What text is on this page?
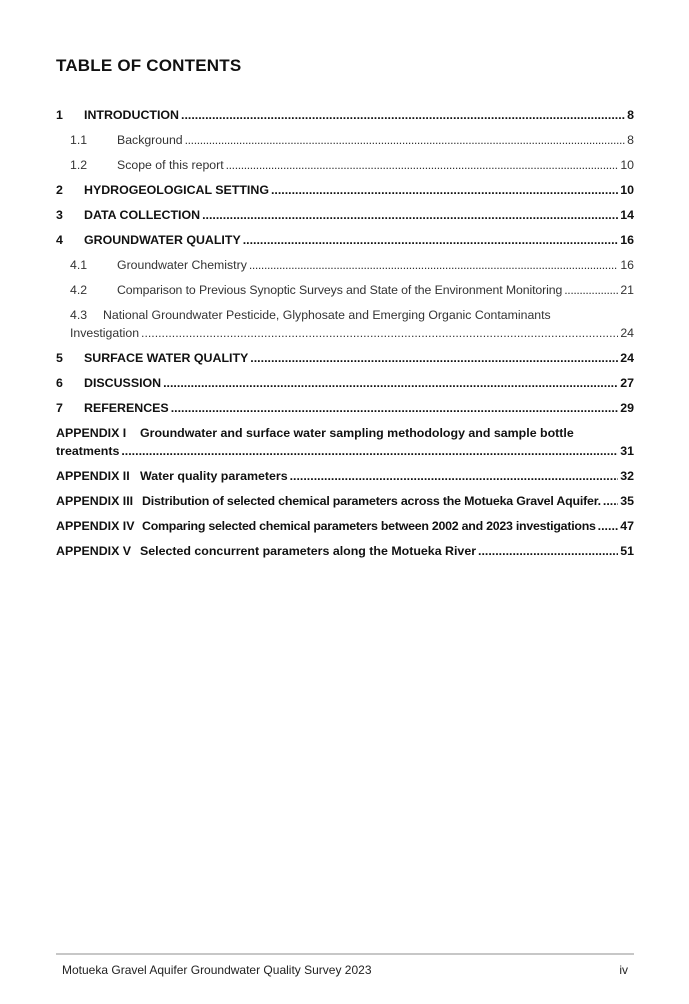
TABLE OF CONTENTS
1	INTRODUCTION .....	8
1.1	Background .....	8
1.2	Scope of this report .....	10
2	HYDROGEOLOGICAL SETTING .....	10
3	DATA COLLECTION .....	14
4	GROUNDWATER QUALITY .....	16
4.1	Groundwater Chemistry .....	16
4.2	Comparison to Previous Synoptic Surveys and State of the Environment Monitoring .....	21
4.3 National Groundwater Pesticide, Glyphosate and Emerging Organic Contaminants
Investigation .....	24
5	SURFACE WATER QUALITY .....	24
6	DISCUSSION .....	27
7	REFERENCES .....	29
APPENDIX I Groundwater and surface water sampling methodology and sample bottle
treatments .....	31
APPENDIX II Water quality parameters .....	32
APPENDIX III Distribution of selected chemical parameters across the Motueka Gravel Aquifer. ..... 35
APPENDIX IV Comparing selected chemical parameters between 2002 and 2023 investigations ..... 47
APPENDIX V Selected concurrent parameters along the Motueka River .....	51
Motueka Gravel Aquifer Groundwater Quality Survey 2023	iv
